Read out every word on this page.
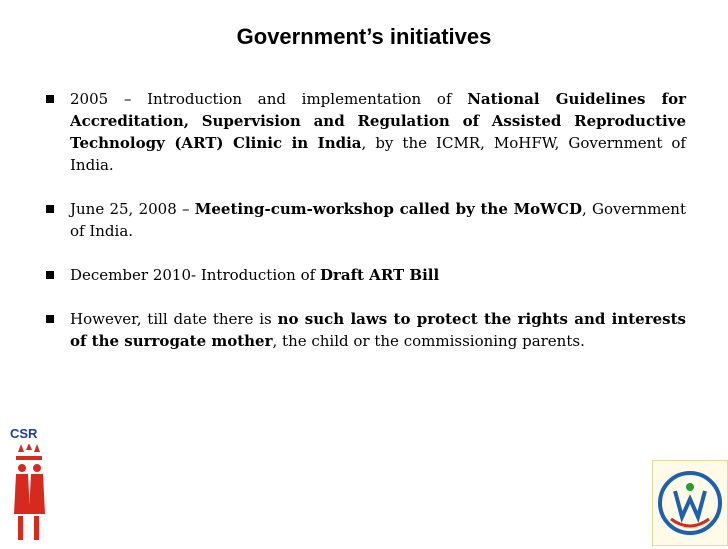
Government’s initiatives
2005 – Introduction and implementation of National Guidelines for Accreditation, Supervision and Regulation of Assisted Reproductive Technology (ART) Clinic in India, by the ICMR, MoHFW, Government of India.
June 25, 2008 – Meeting-cum-workshop called by the MoWCD, Government of India.
December 2010- Introduction of Draft ART Bill
However, till date there is no such laws to protect the rights and interests of the surrogate mother, the child or the commissioning parents.
CSR
